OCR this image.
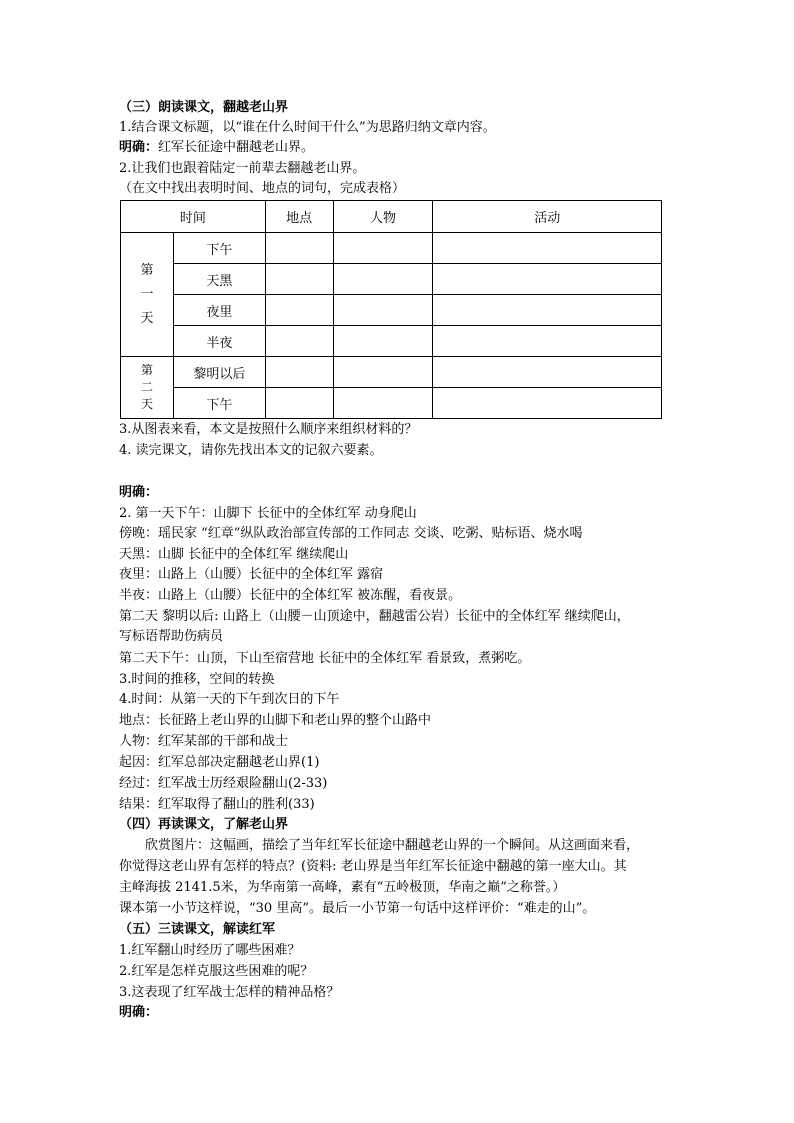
（三）朗读课文，翻越老山界
1.结合课文标题，以“谁在什么时间干什么”为思路归纳文章内容。
明确：红军长征途中翻越老山界。
2.让我们也跟着陆定一前辈去翻越老山界。
（在文中找出表明时间、地点的词句，完成表格）
时间		地点	人物	活动

第
一
天	下午			
	天黑			
	夜里			
	半夜			

第
二
天	黎明以后			
	下午			
3.从图表来看，本文是按照什么顺序来组织材料的？
4. 读完课文，请你先找出本文的记叙六要素。
明确：
2. 第一天下午：山脚下 长征中的全体红军 动身爬山
傍晚：瑶民家 “红章”纵队政治部宣传部的工作同志 交谈、吃粥、贴标语、烧水喝
天黑：山脚 长征中的全体红军 继续爬山
夜里：山路上（山腰）长征中的全体红军 露宿
半夜：山路上（山腰）长征中的全体红军 被冻醒，看夜景。
第二天 黎明以后: 山路上（山腰－山顶途中，翻越雷公岩）长征中的全体红军 继续爬山，
写标语帮助伤病员
第二天下午：山顶，下山至宿营地 长征中的全体红军 看景致，煮粥吃。
3.时间的推移，空间的转换
4.时间：从第一天的下午到次日的下午
地点：长征路上老山界的山脚下和老山界的整个山路中
人物：红军某部的干部和战士
起因：红军总部决定翻越老山界(1)
经过：红军战士历经艰险翻山(2-33)
结果：红军取得了翻山的胜利(33)
（四）再读课文，了解老山界
欣赏图片：这幅画，描绘了当年红军长征途中翻越老山界的一个瞬间。从这画面来看，
你觉得这老山界有怎样的特点？(资料: 老山界是当年红军长征途中翻越的第一座大山。其
主峰海拔 2141.5米，为华南第一高峰，素有“五岭极顶，华南之巅”之称誉。）
课本第一小节这样说，“30 里高”。最后一小节第一句话中这样评价：“难走的山”。
（五）三读课文，解读红军
1.红军翻山时经历了哪些困难？
2.红军是怎样克服这些困难的呢？
3.这表现了红军战士怎样的精神品格？
明确：
